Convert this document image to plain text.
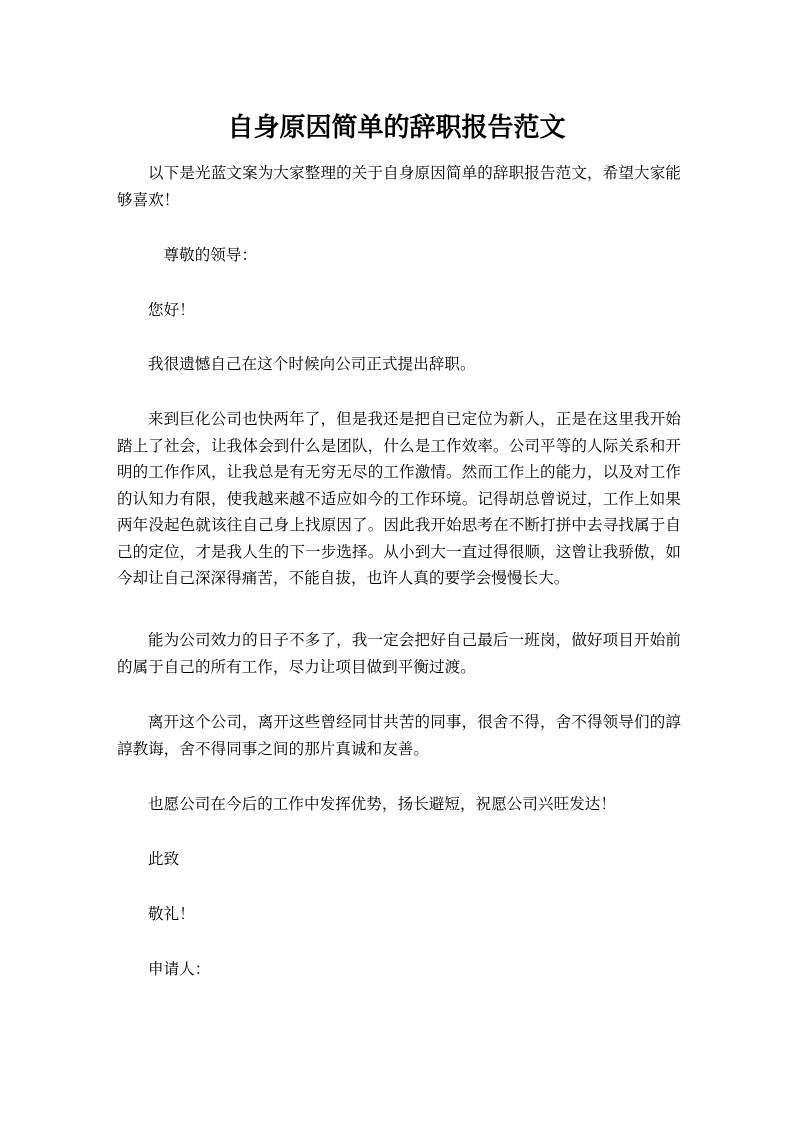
自身原因简单的辞职报告范文

以下是光蓝文案为大家整理的关于自身原因简单的辞职报告范文，希望大家能够喜欢！

尊敬的领导：

您好！

我很遗憾自己在这个时候向公司正式提出辞职。

来到巨化公司也快两年了，但是我还是把自已定位为新人，正是在这里我开始踏上了社会，让我体会到什么是团队，什么是工作效率。公司平等的人际关系和开明的工作作风，让我总是有无穷无尽的工作激情。然而工作上的能力，以及对工作的认知力有限，使我越来越不适应如今的工作环境。记得胡总曾说过，工作上如果两年没起色就该往自己身上找原因了。因此我开始思考在不断打拼中去寻找属于自己的定位，才是我人生的下一步选择。从小到大一直过得很顺，这曾让我骄傲，如今却让自己深深得痛苦，不能自拔，也许人真的要学会慢慢长大。

能为公司效力的日子不多了，我一定会把好自己最后一班岗，做好项目开始前的属于自己的所有工作，尽力让项目做到平衡过渡。

离开这个公司，离开这些曾经同甘共苦的同事，很舍不得，舍不得领导们的諄諄教诲，舍不得同事之间的那片真诚和友善。

也愿公司在今后的工作中发挥优势，扬长避短，祝愿公司兴旺发达！

此致

敬礼！

申请人：
